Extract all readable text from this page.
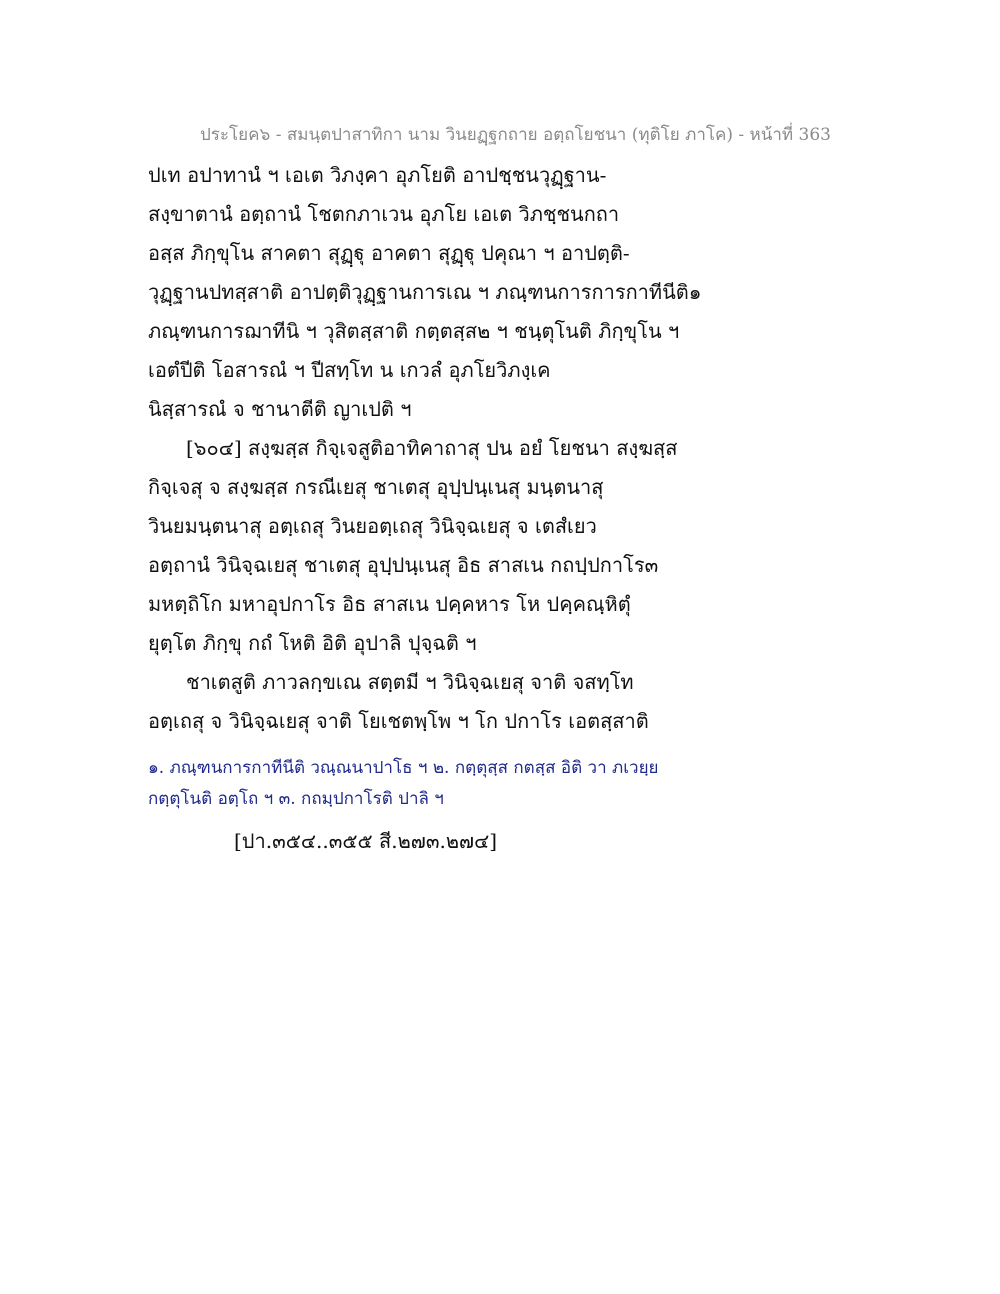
ประโยค๖ - สมนฺตปาสาทิกา นาม วินยฏฺฐกถาย อตฺถโยชนา (ทุติโย ภาโค) - หน้าที่ 363
ปเท อปาทานํ ฯ เอเต วิภงฺคา อุภโยติ อาปชฺชนวุฏฺฐาน-
สงฺขาตานํ อตฺถานํ โชตกภาเวน อุภโย เอเต วิภชฺชนกถา
อสฺส ภิกฺขุโน สาคตา สุฏฺฐุ อาคตา สุฏฺฐุ ปคุณา ฯ อาปตฺติ-
วุฏฺฐานปทสฺสาติ อาปตฺติวุฏฺฐานการเณ ฯ ภณฺฑนการการกาทีนีติ๑
ภณฺฑนการฌาทีนิ ฯ วุสิตสฺสาติ กตฺตสฺส๒ ฯ ชนฺตุโนติ ภิกฺขุโน ฯ
เอตํปีติ โอสารณํ ฯ ปีสทฺโท น เกวลํ อุภโยวิภงฺเค
นิสฺสารณํ จ ชานาตีติ ญาเปติ ฯ
[๖๐๔] สงฺฆสฺส กิจฺเจสูติอาทิคาถาสุ ปน อยํ โยชนา สงฺฆสฺส
กิจฺเจสุ จ สงฺฆสฺส กรณีเยสุ ชาเตสุ อุปฺปนฺเนสุ มนฺตนาสุ
วินยมนฺตนาสุ อตฺเถสุ วินยอตฺเถสุ วินิจฺฉเยสุ จ เตสํเยว
อตฺถานํ วินิจฺฉเยสุ ชาเตสุ อุปฺปนฺเนสุ อิธ สาสเน กถปฺปกาโร๓
มหตฺถิโก มหาอุปกาโร อิธ สาสเน ปคฺคหาร โห ปคฺคณฺหิตุํ
ยุตฺโต ภิกฺขุ กถํ โหติ อิติ อุปาลิ ปุจฺฉติ ฯ
ชาเตสูติ ภาวลกฺขเณ สตฺตมี ฯ วินิจฺฉเยสุ จาติ จสทฺโท
อตฺเถสุ จ วินิจฺฉเยสุ จาติ โยเชตพฺโพ ฯ โก ปกาโร เอตสฺสาติ
๑. ภณฺฑนการกาทีนีติ วณฺณนาปาโธ ฯ ๒. กตฺตุสฺส กตสฺส อิติ วา ภเวยฺย
กตฺตุโนติ อตฺโถ ฯ ๓. กถมฺปกาโรติ ปาลิ ฯ
[ปา.๓๕๔..๓๕๕ สี.๒๗๓.๒๗๔]
